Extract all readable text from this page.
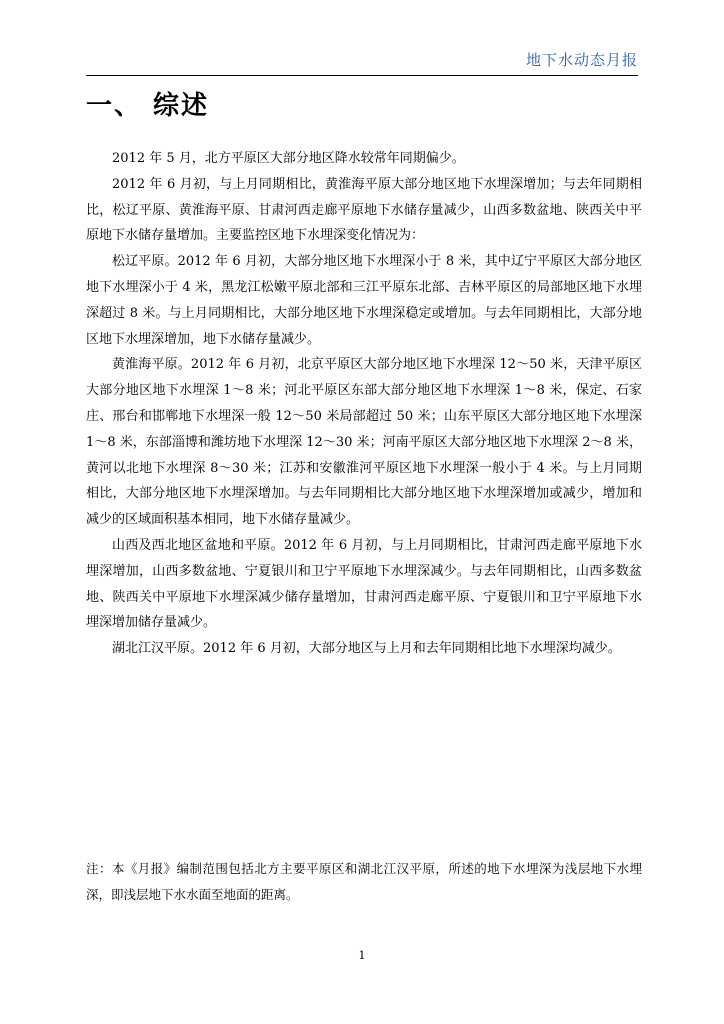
地下水动态月报
一、 综述

2012 年 5 月，北方平原区大部分地区降水较常年同期偏少。

2012 年 6 月初，与上月同期相比，黄淮海平原大部分地区地下水埋深增加；与去年同期相比，松辽平原、黄淮海平原、甘肃河西走廊平原地下水储存量减少，山西多数盆地、陕西关中平原地下水储存量增加。主要监控区地下水埋深变化情况为：

松辽平原。2012 年 6 月初，大部分地区地下水埋深小于 8 米，其中辽宁平原区大部分地区地下水埋深小于 4 米，黑龙江松嫩平原北部和三江平原东北部、吉林平原区的局部地区地下水埋深超过 8 米。与上月同期相比，大部分地区地下水埋深稳定或增加。与去年同期相比，大部分地区地下水埋深增加，地下水储存量减少。

黄淮海平原。2012 年 6 月初，北京平原区大部分地区地下水埋深 12～50 米，天津平原区大部分地区地下水埋深 1～8 米；河北平原区东部大部分地区地下水埋深 1～8 米，保定、石家庄、邢台和邯郸地下水埋深一般 12～50 米局部超过 50 米；山东平原区大部分地区地下水埋深 1～8 米，东部淄博和潍坊地下水埋深 12～30 米；河南平原区大部分地区地下水埋深 2～8 米，黄河以北地下水埋深 8～30 米；江苏和安徽淮河平原区地下水埋深一般小于 4 米。与上月同期相比，大部分地区地下水埋深增加。与去年同期相比大部分地区地下水埋深增加或减少，增加和减少的区域面积基本相同，地下水储存量减少。

山西及西北地区盆地和平原。2012 年 6 月初，与上月同期相比，甘肃河西走廊平原地下水埋深增加，山西多数盆地、宁夏银川和卫宁平原地下水埋深减少。与去年同期相比，山西多数盆地、陕西关中平原地下水埋深减少储存量增加，甘肃河西走廊平原、宁夏银川和卫宁平原地下水埋深增加储存量减少。

湖北江汉平原。2012 年 6 月初，大部分地区与上月和去年同期相比地下水埋深均减少。

注：本《月报》编制范围包括北方主要平原区和湖北江汉平原，所述的地下水埋深为浅层地下水埋深，即浅层地下水水面至地面的距离。

1
